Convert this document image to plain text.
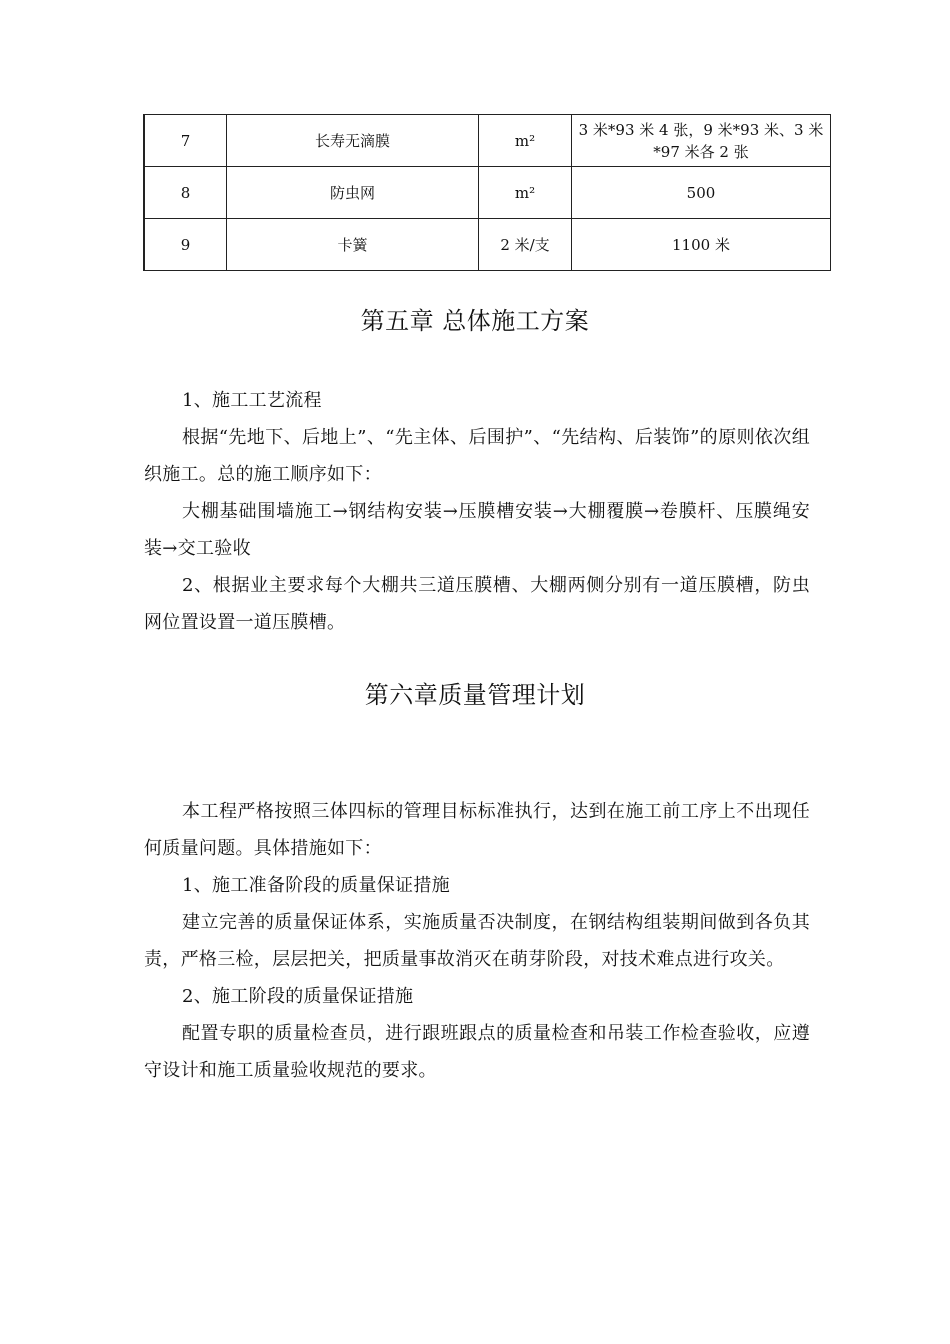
7	长寿无滴膜	m²	3 米*93 米 4 张，9 米*93 米、3 米*97 米各 2 张
8	防虫网	m²	500
9	卡簧	2 米/支	1100 米
第五章 总体施工方案
1、施工工艺流程
根据“先地下、后地上”、“先主体、后围护”、“先结构、后装饰”的原则依次组织施工。总的施工顺序如下：
大棚基础围墙施工→钢结构安装→压膜槽安装→大棚覆膜→卷膜杆、压膜绳安装→交工验收
2、根据业主要求每个大棚共三道压膜槽、大棚两侧分别有一道压膜槽，防虫网位置设置一道压膜槽。
第六章质量管理计划
本工程严格按照三体四标的管理目标标准执行，达到在施工前工序上不出现任何质量问题。具体措施如下：
1、施工准备阶段的质量保证措施
建立完善的质量保证体系，实施质量否决制度，在钢结构组装期间做到各负其责，严格三检，层层把关，把质量事故消灭在萌芽阶段，对技术难点进行攻关。
2、施工阶段的质量保证措施
配置专职的质量检查员，进行跟班跟点的质量检查和吊装工作检查验收，应遵守设计和施工质量验收规范的要求。
